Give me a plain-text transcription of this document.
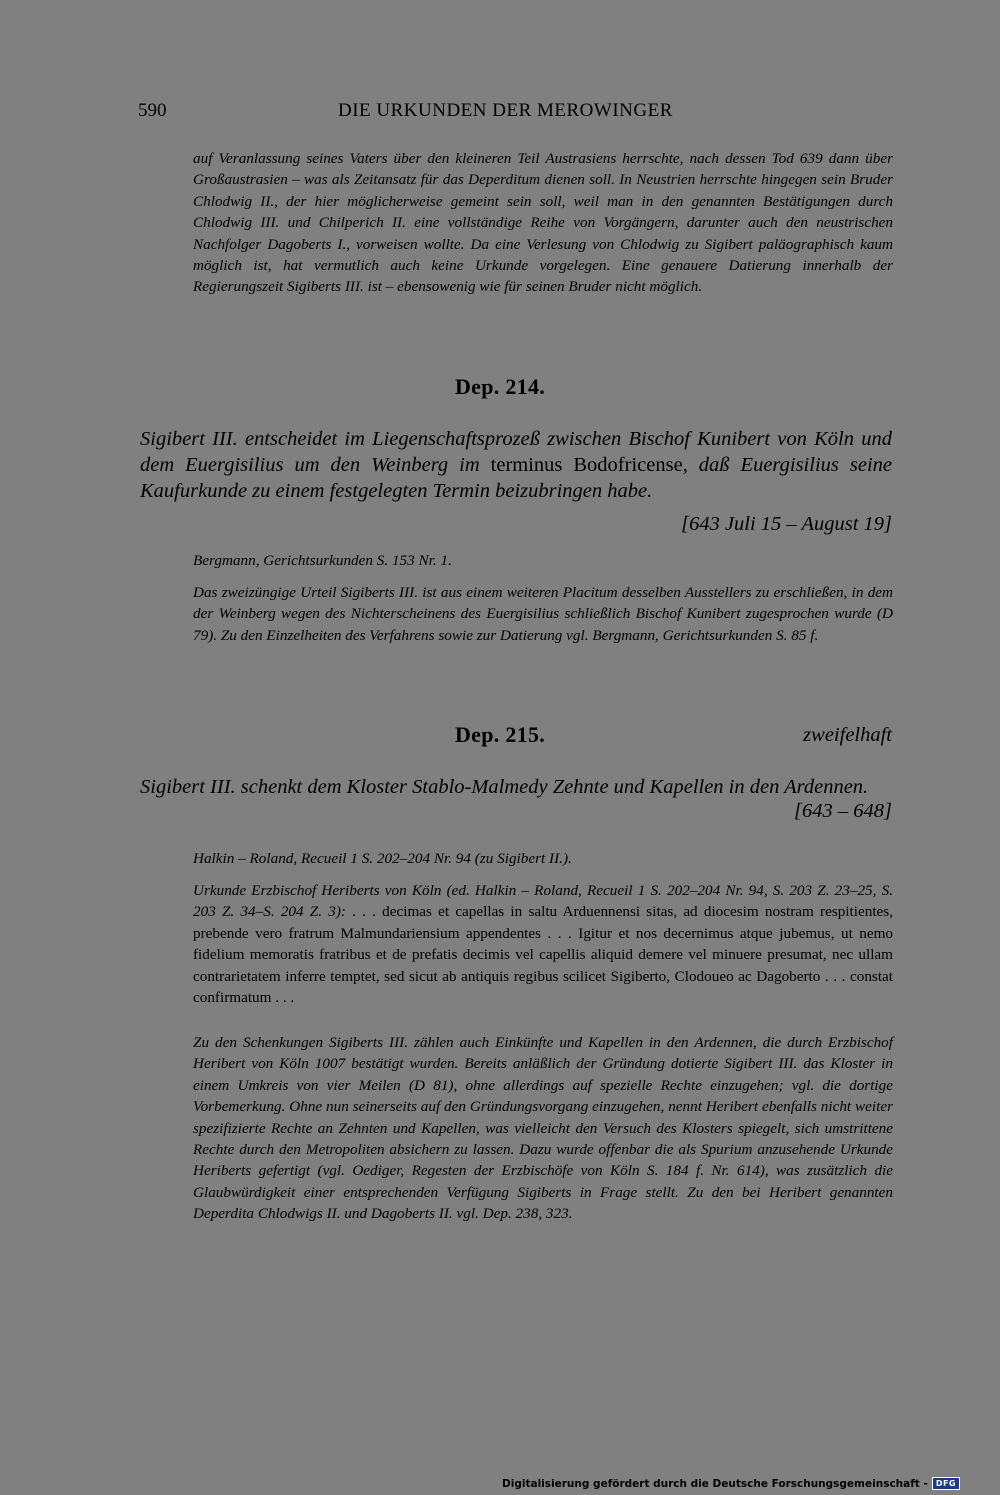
590	DIE URKUNDEN DER MEROWINGER
auf Veranlassung seines Vaters über den kleineren Teil Austrasiens herrschte, nach dessen Tod 639 dann über Großaustrasien – was als Zeitansatz für das Deperditum dienen soll. In Neustrien herrschte hingegen sein Bruder Chlodwig II., der hier möglicherweise gemeint sein soll, weil man in den genannten Bestätigungen durch Chlodwig III. und Chilperich II. eine vollständige Reihe von Vorgängern, darunter auch den neustrischen Nachfolger Dagoberts I., vorweisen wollte. Da eine Verlesung von Chlodwig zu Sigibert paläographisch kaum möglich ist, hat vermutlich auch keine Urkunde vorgelegen. Eine genauere Datierung innerhalb der Regierungszeit Sigiberts III. ist – ebensowenig wie für seinen Bruder nicht möglich.
Dep. 214.
Sigibert III. entscheidet im Liegenschaftsprozeß zwischen Bischof Kunibert von Köln und dem Euergisilius um den Weinberg im terminus Bodofricense, daß Euergisilius seine Kaufurkunde zu einem festgelegten Termin beizubringen habe.
[643 Juli 15 – August 19]
Bergmann, Gerichtsurkunden S. 153 Nr. 1.
Das zweizüngige Urteil Sigiberts III. ist aus einem weiteren Placitum desselben Ausstellers zu erschließen, in dem der Weinberg wegen des Nichterscheinens des Euergisilius schließlich Bischof Kunibert zugesprochen wurde (D 79). Zu den Einzelheiten des Verfahrens sowie zur Datierung vgl. Bergmann, Gerichtsurkunden S. 85 f.
Dep. 215.	zweifelhaft
Sigibert III. schenkt dem Kloster Stablo-Malmedy Zehnte und Kapellen in den Ardennen.
[643 – 648]
Halkin – Roland, Recueil 1 S. 202–204 Nr. 94 (zu Sigibert II.).
Urkunde Erzbischof Heriberts von Köln (ed. Halkin – Roland, Recueil 1 S. 202–204 Nr. 94, S. 203 Z. 23–25, S. 203 Z. 34–S. 204 Z. 3): . . . decimas et capellas in saltu Arduennensi sitas, ad diocesim nostram respitientes, prebende vero fratrum Malmundariensium appendentes . . . Igitur et nos decernimus atque jubemus, ut nemo fidelium memoratis fratribus et de prefatis decimis vel capellis aliquid demere vel minuere presumat, nec ullam contrarietatem inferre temptet, sed sicut ab antiquis regibus scilicet Sigiberto, Clodoueo ac Dagoberto . . . constat confirmatum . . .
Zu den Schenkungen Sigiberts III. zählen auch Einkünfte und Kapellen in den Ardennen, die durch Erzbischof Heribert von Köln 1007 bestätigt wurden. Bereits anläßlich der Gründung dotierte Sigibert III. das Kloster in einem Umkreis von vier Meilen (D 81), ohne allerdings auf spezielle Rechte einzugehen; vgl. die dortige Vorbemerkung. Ohne nun seinerseits auf den Gründungsvorgang einzugehen, nennt Heribert ebenfalls nicht weiter spezifizierte Rechte an Zehnten und Kapellen, was vielleicht den Versuch des Klosters spiegelt, sich umstrittene Rechte durch den Metropoliten absichern zu lassen. Dazu wurde offenbar die als Spurium anzusehende Urkunde Heriberts gefertigt (vgl. Oediger, Regesten der Erzbischöfe von Köln S. 184 f. Nr. 614), was zusätzlich die Glaubwürdigkeit einer entsprechenden Verfügung Sigiberts in Frage stellt. Zu den bei Heribert genannten Deperdita Chlodwigs II. und Dagoberts II. vgl. Dep. 238, 323.
Digitalisierung gefördert durch die Deutsche Forschungsgemeinschaft -	DFG
